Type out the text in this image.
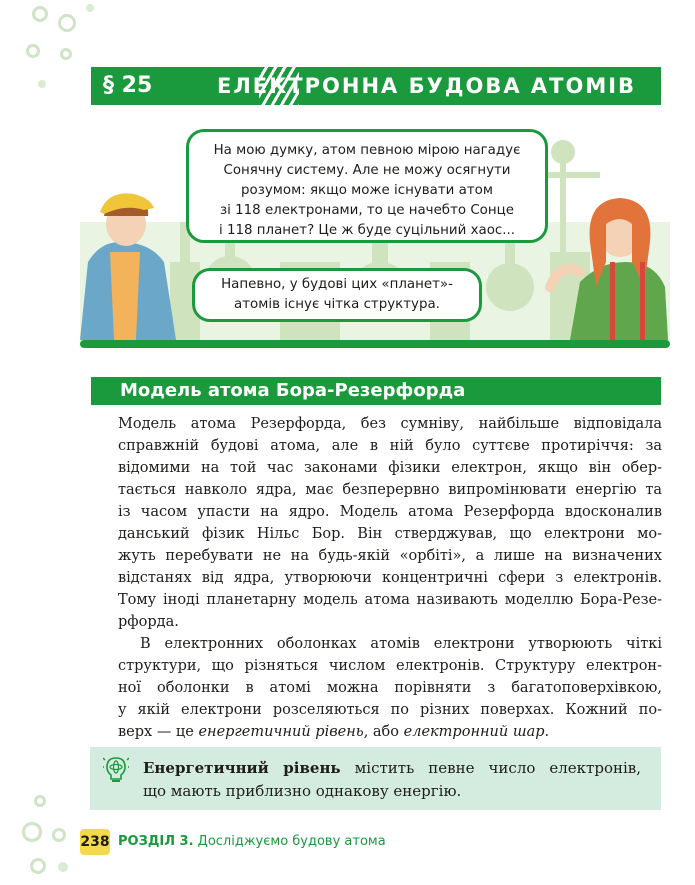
§ 25	ЕЛЕКТРОННА БУДОВА АТОМІВ
На мою думку, атом певною мірою нагадує
Сонячну систему. Але не можу осягнути
розумом: якщо може існувати атом
зі 118 електронами, то це начебто Сонце
і 118 планет? Це ж буде суцільний хаос...
Напевно, у будові цих «планет»-
атомів існує чітка структура.
Модель атома Бора-Резерфорда
Модель атома Резерфорда, без сумніву, найбільше відповідала
справжній будові атома, але в ній було суттєве протиріччя: за
відомими на той час законами фізики електрон, якщо він обер-
тається навколо ядра, має безперервно випромінювати енергію та
із часом упасти на ядро. Модель атома Резерфорда вдосконалив
данський фізик Нільс Бор. Він стверджував, що електрони мо-
жуть перебувати не на будь-якій «орбіті», а лише на визначених
відстанях від ядра, утворюючи концентричні сфери з електронів.
Тому іноді планетарну модель атома називають моделлю Бора-Резе-
рфорда.
В електронних оболонках атомів електрони утворюють чіткі
структури, що різняться числом електронів. Структуру електрон-
ної оболонки в атомі можна порівняти з багатоповерхівкою,
у якій електрони розселяються по різних поверхах. Кожний по-
верх — це енергетичний рівень, або електронний шар.
Енергетичний рівень містить певне число електронів,
що мають приблизно однакову енергію.
238 РОЗДІЛ 3. Досліджуємо будову атома
